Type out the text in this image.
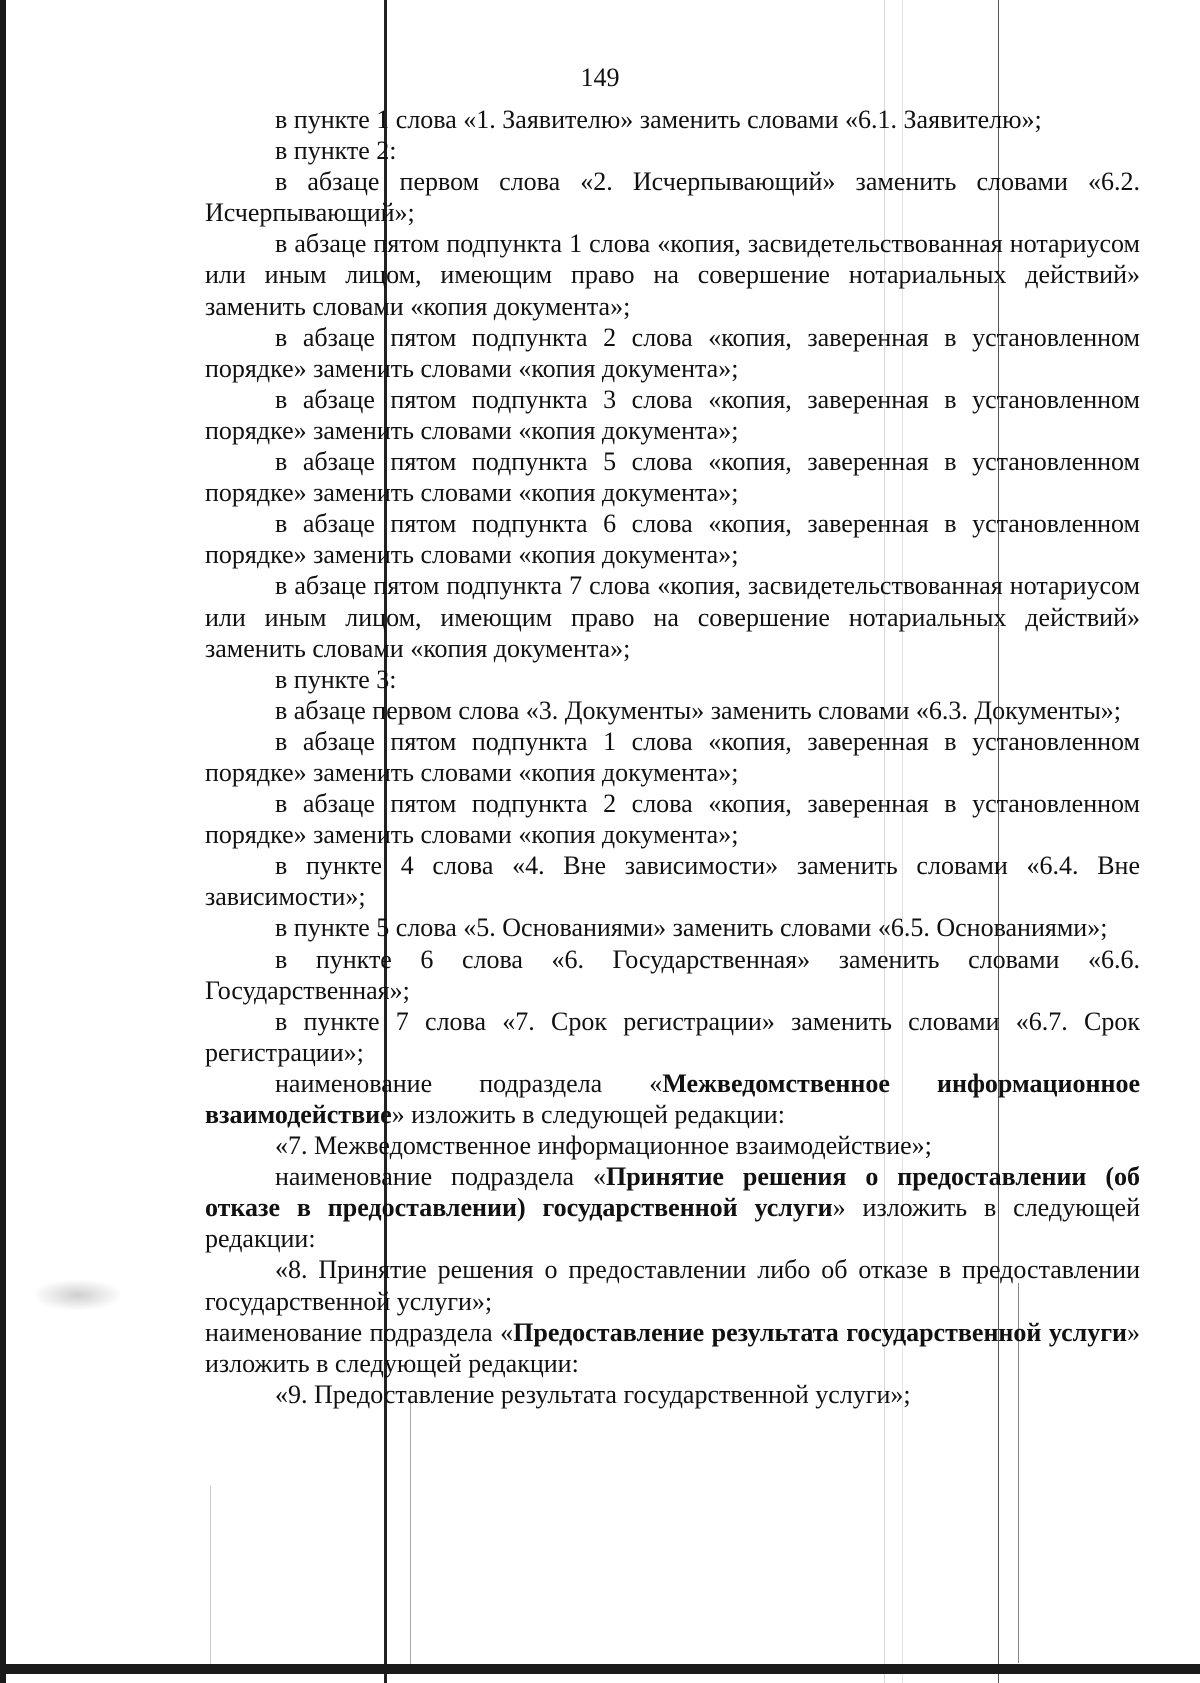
149

в пункте 1 слова «1. Заявителю» заменить словами «6.1. Заявителю»;

в пункте 2:

в абзаце первом слова «2. Исчерпывающий» заменить словами «6.2. Исчерпывающий»;

в абзаце пятом подпункта 1 слова «копия, засвидетельствованная нотариусом или иным лицом, имеющим право на совершение нотариальных действий» заменить словами «копия документа»;

в абзаце пятом подпункта 2 слова «копия, заверенная в установленном порядке» заменить словами «копия документа»;

в абзаце пятом подпункта 3 слова «копия, заверенная в установленном порядке» заменить словами «копия документа»;

в абзаце пятом подпункта 5 слова «копия, заверенная в установленном порядке» заменить словами «копия документа»;

в абзаце пятом подпункта 6 слова «копия, заверенная в установленном порядке» заменить словами «копия документа»;

в абзаце пятом подпункта 7 слова «копия, засвидетельствованная нотариусом или иным лицом, имеющим право на совершение нотариальных действий» заменить словами «копия документа»;

в пункте 3:

в абзаце первом слова «3. Документы» заменить словами «6.3. Документы»;

в абзаце пятом подпункта 1 слова «копия, заверенная в установленном порядке» заменить словами «копия документа»;

в абзаце пятом подпункта 2 слова «копия, заверенная в установленном порядке» заменить словами «копия документа»;

в пункте 4 слова «4. Вне зависимости» заменить словами «6.4. Вне зависимости»;

в пункте 5 слова «5. Основаниями» заменить словами «6.5. Основаниями»;

в пункте 6 слова «6. Государственная» заменить словами «6.6. Государственная»;

в пункте 7 слова «7. Срок регистрации» заменить словами «6.7. Срок регистрации»;

наименование подраздела «Межведомственное информационное взаимодействие» изложить в следующей редакции:

«7. Межведомственное информационное взаимодействие»;

наименование подраздела «Принятие решения о предоставлении (об отказе в предоставлении) государственной услуги» изложить в следующей редакции:

«8. Принятие решения о предоставлении либо об отказе в предоставлении государственной услуги»;

наименование подраздела «Предоставление результата государственной услуги» изложить в следующей редакции:

«9. Предоставление результата государственной услуги»;
